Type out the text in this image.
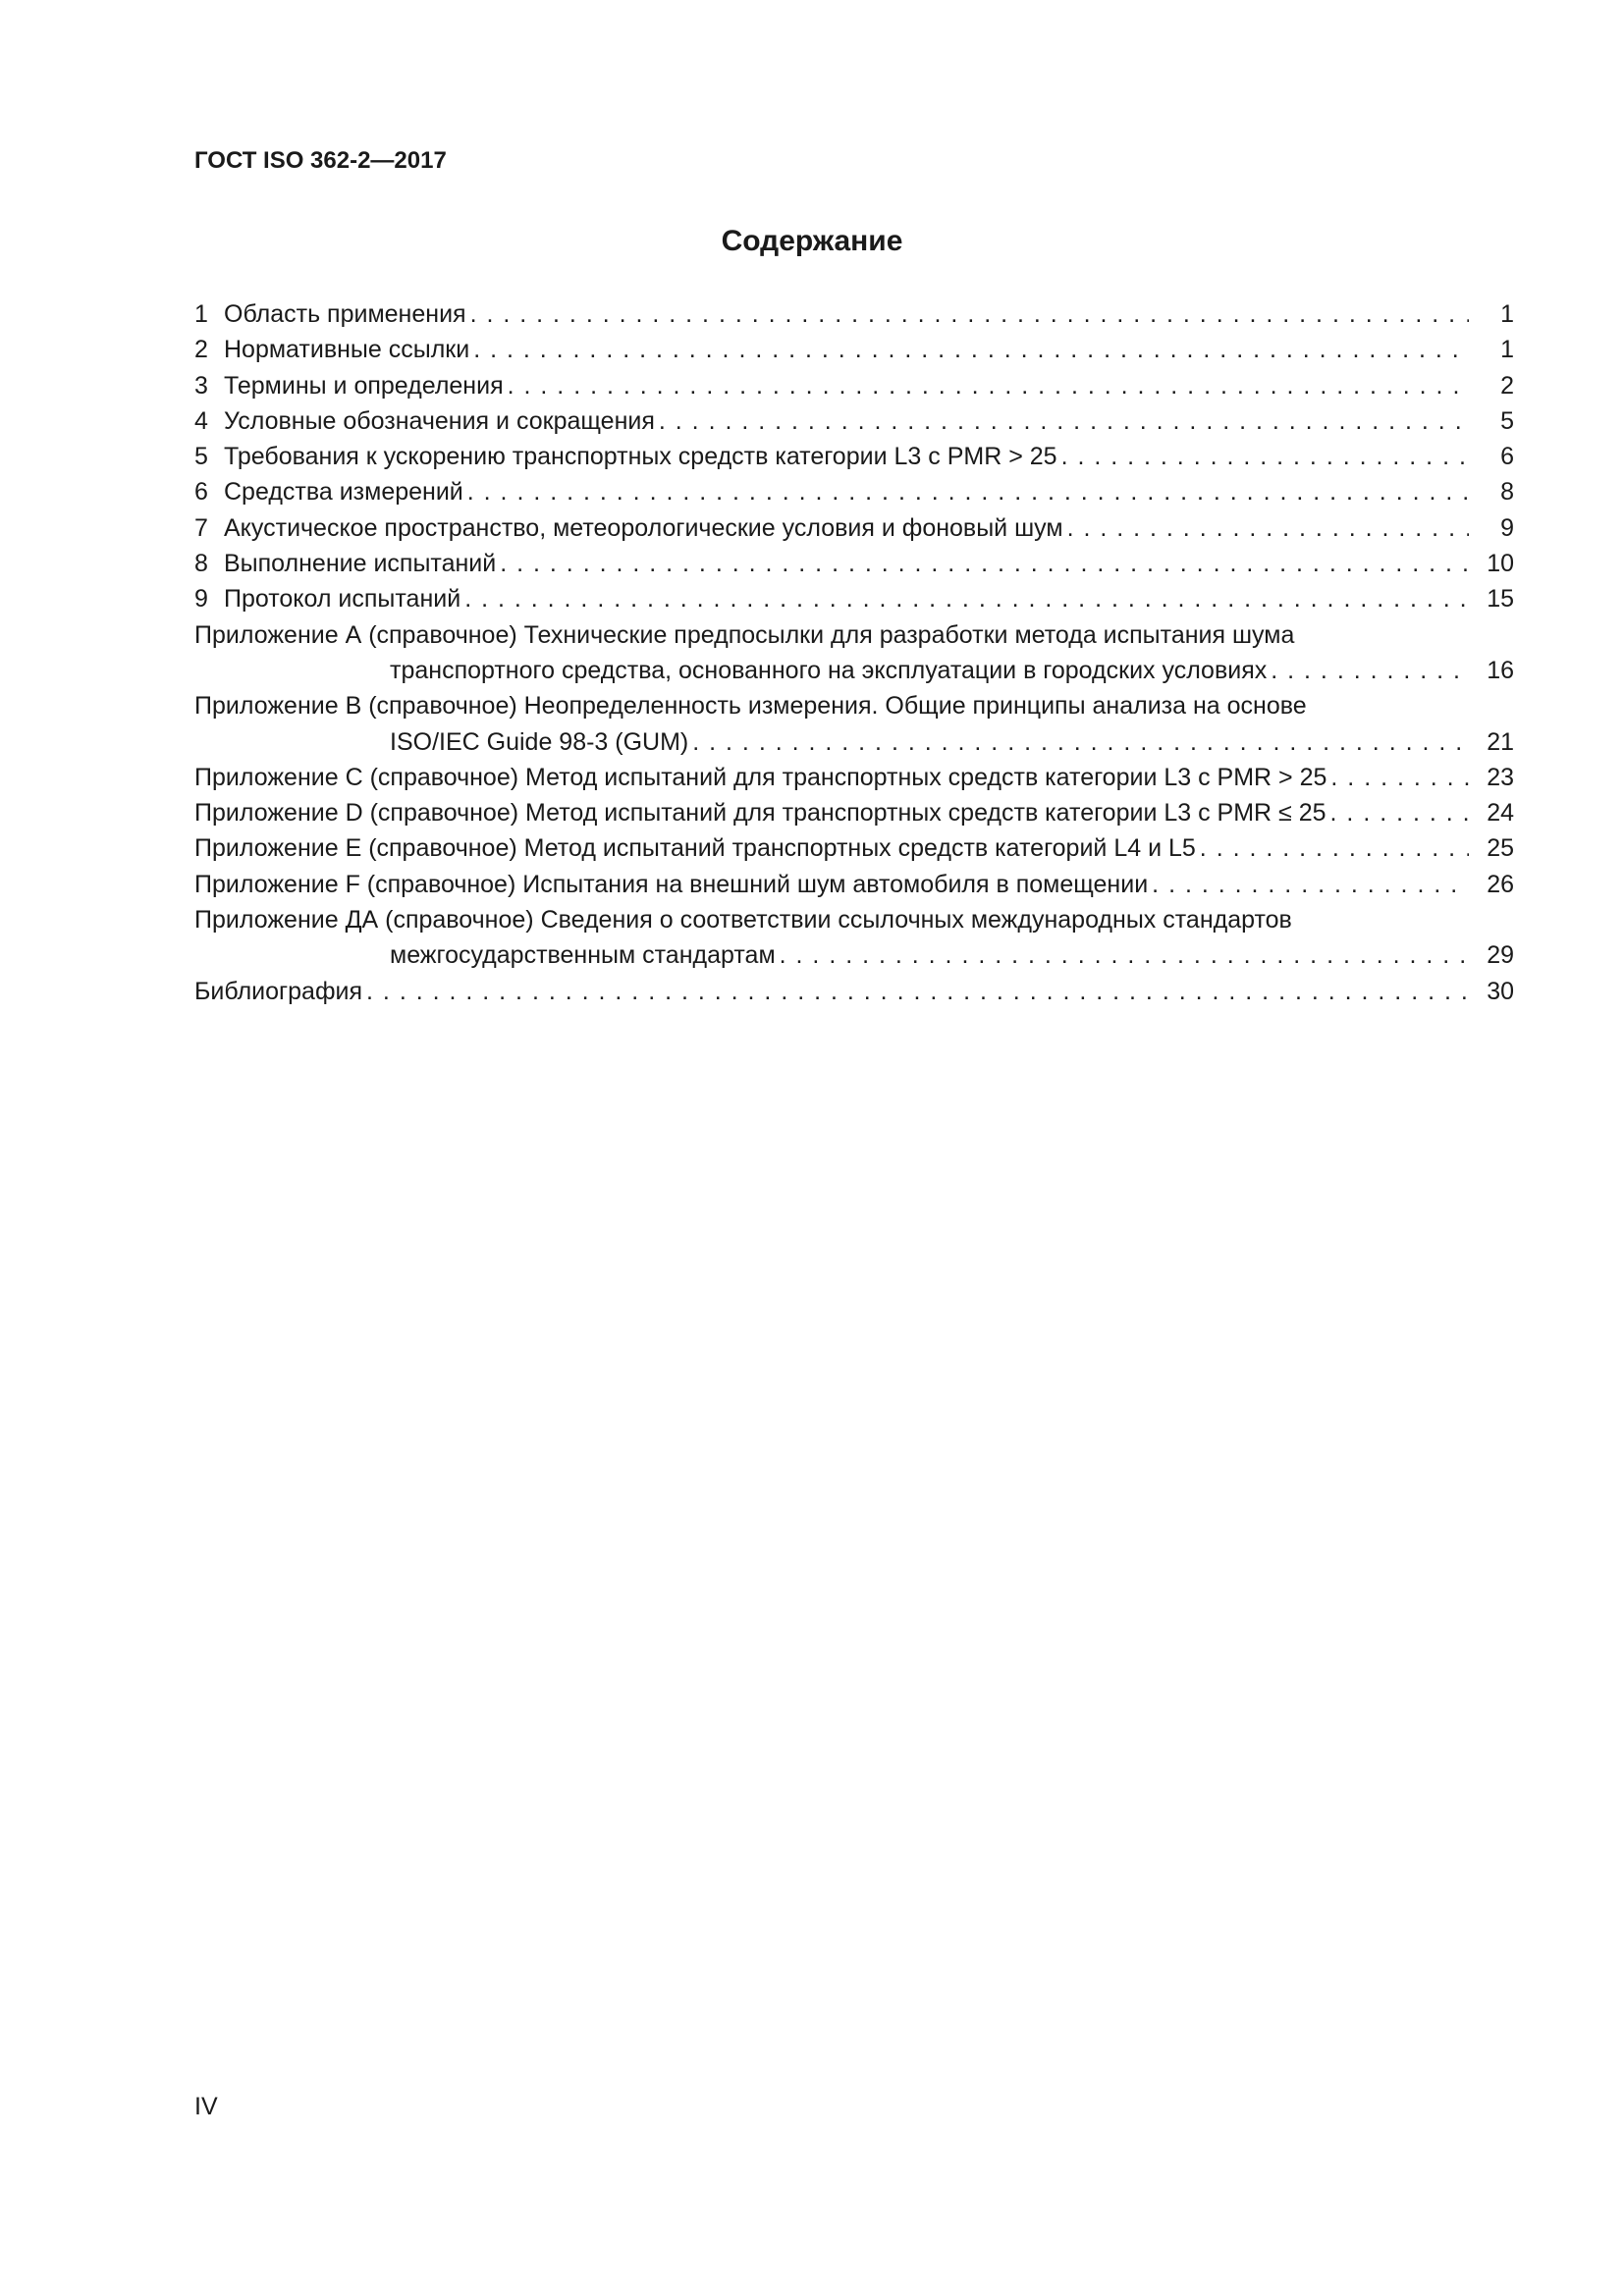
ГОСТ ISO 362-2—2017
Содержание
1 Область применения . . .	1
2 Нормативные ссылки . . .	1
3 Термины и определения . . .	2
4 Условные обозначения и сокращения . . .	5
5 Требования к ускорению транспортных средств категории L3 с PMR > 25 . . .	6
6 Средства измерений . . .	8
7 Акустическое пространство, метеорологические условия и фоновый шум . . .	9
8 Выполнение испытаний . . .	10
9 Протокол испытаний . . .	15
Приложение А (справочное) Технические предпосылки для разработки метода испытания шума
транспортного средства, основанного на эксплуатации в городских условиях . . .	16
Приложение В (справочное) Неопределенность измерения. Общие принципы анализа на основе
ISO/IEC Guide 98-3 (GUM) . . .	21
Приложение С (справочное) Метод испытаний для транспортных средств категории L3 с PMR > 25 . . .	23
Приложение D (справочное) Метод испытаний для транспортных средств категории L3 с PMR ≤ 25 . . .	24
Приложение Е (справочное) Метод испытаний транспортных средств категорий L4 и L5 . . .	25
Приложение F (справочное) Испытания на внешний шум автомобиля в помещении . . .	26
Приложение ДА (справочное) Сведения о соответствии ссылочных международных стандартов
межгосударственным стандартам . . .	29
Библиография . . .	30
IV
